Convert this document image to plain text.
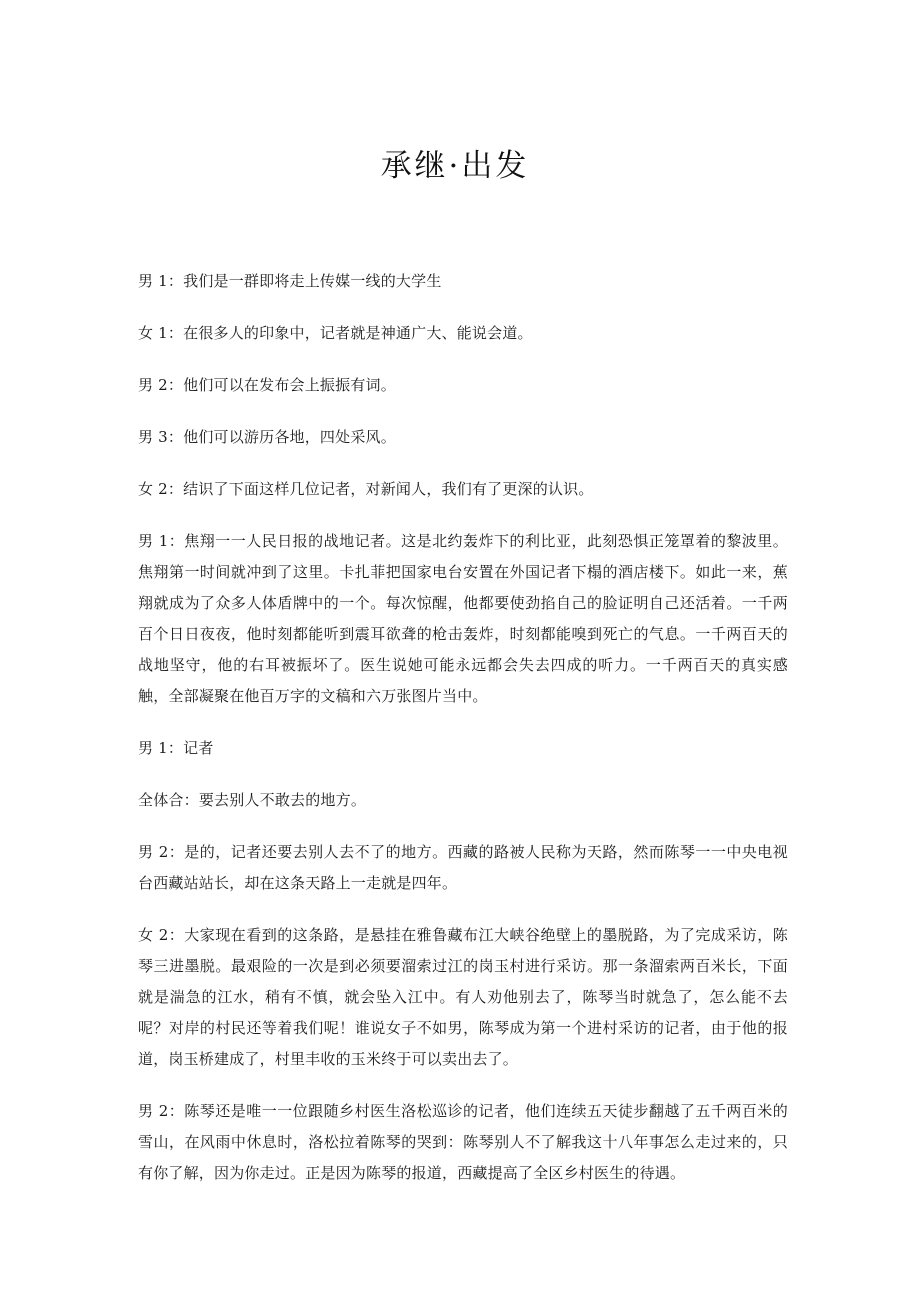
承继·出发

男 1：我们是一群即将走上传媒一线的大学生

女 1：在很多人的印象中，记者就是神通广大、能说会道。

男 2：他们可以在发布会上振振有词。

男 3：他们可以游历各地，四处采风。

女 2：结识了下面这样几位记者，对新闻人，我们有了更深的认识。

男 1：焦翔一一人民日报的战地记者。这是北约轰炸下的利比亚，此刻恐惧正笼罩着的黎波里。焦翔第一时间就冲到了这里。卡扎菲把国家电台安置在外国记者下榻的酒店楼下。如此一来，蕉翔就成为了众多人体盾牌中的一个。每次惊醒，他都要使劲掐自己的脸证明自己还活着。一千两百个日日夜夜，他时刻都能听到震耳欲聋的枪击轰炸，时刻都能嗅到死亡的气息。一千两百天的战地坚守，他的右耳被振坏了。医生说她可能永远都会失去四成的听力。一千两百天的真实感触，全部凝聚在他百万字的文稿和六万张图片当中。

男 1：记者

全体合：要去别人不敢去的地方。

男 2：是的，记者还要去别人去不了的地方。西藏的路被人民称为天路，然而陈琴一一中央电视台西藏站站长，却在这条天路上一走就是四年。

女 2：大家现在看到的这条路，是悬挂在雅鲁藏布江大峡谷绝壁上的墨脱路，为了完成采访，陈琴三进墨脱。最艰险的一次是到必须要溜索过江的岗玉村进行采访。那一条溜索两百米长，下面就是湍急的江水，稍有不慎，就会坠入江中。有人劝他别去了，陈琴当时就急了，怎么能不去呢？对岸的村民还等着我们呢！谁说女子不如男，陈琴成为第一个进村采访的记者，由于他的报道，岗玉桥建成了，村里丰收的玉米终于可以卖出去了。

男 2：陈琴还是唯一一位跟随乡村医生洛松巡诊的记者，他们连续五天徒步翻越了五千两百米的雪山，在风雨中休息时，洛松拉着陈琴的哭到：陈琴别人不了解我这十八年事怎么走过来的，只有你了解，因为你走过。正是因为陈琴的报道，西藏提高了全区乡村医生的待遇。
